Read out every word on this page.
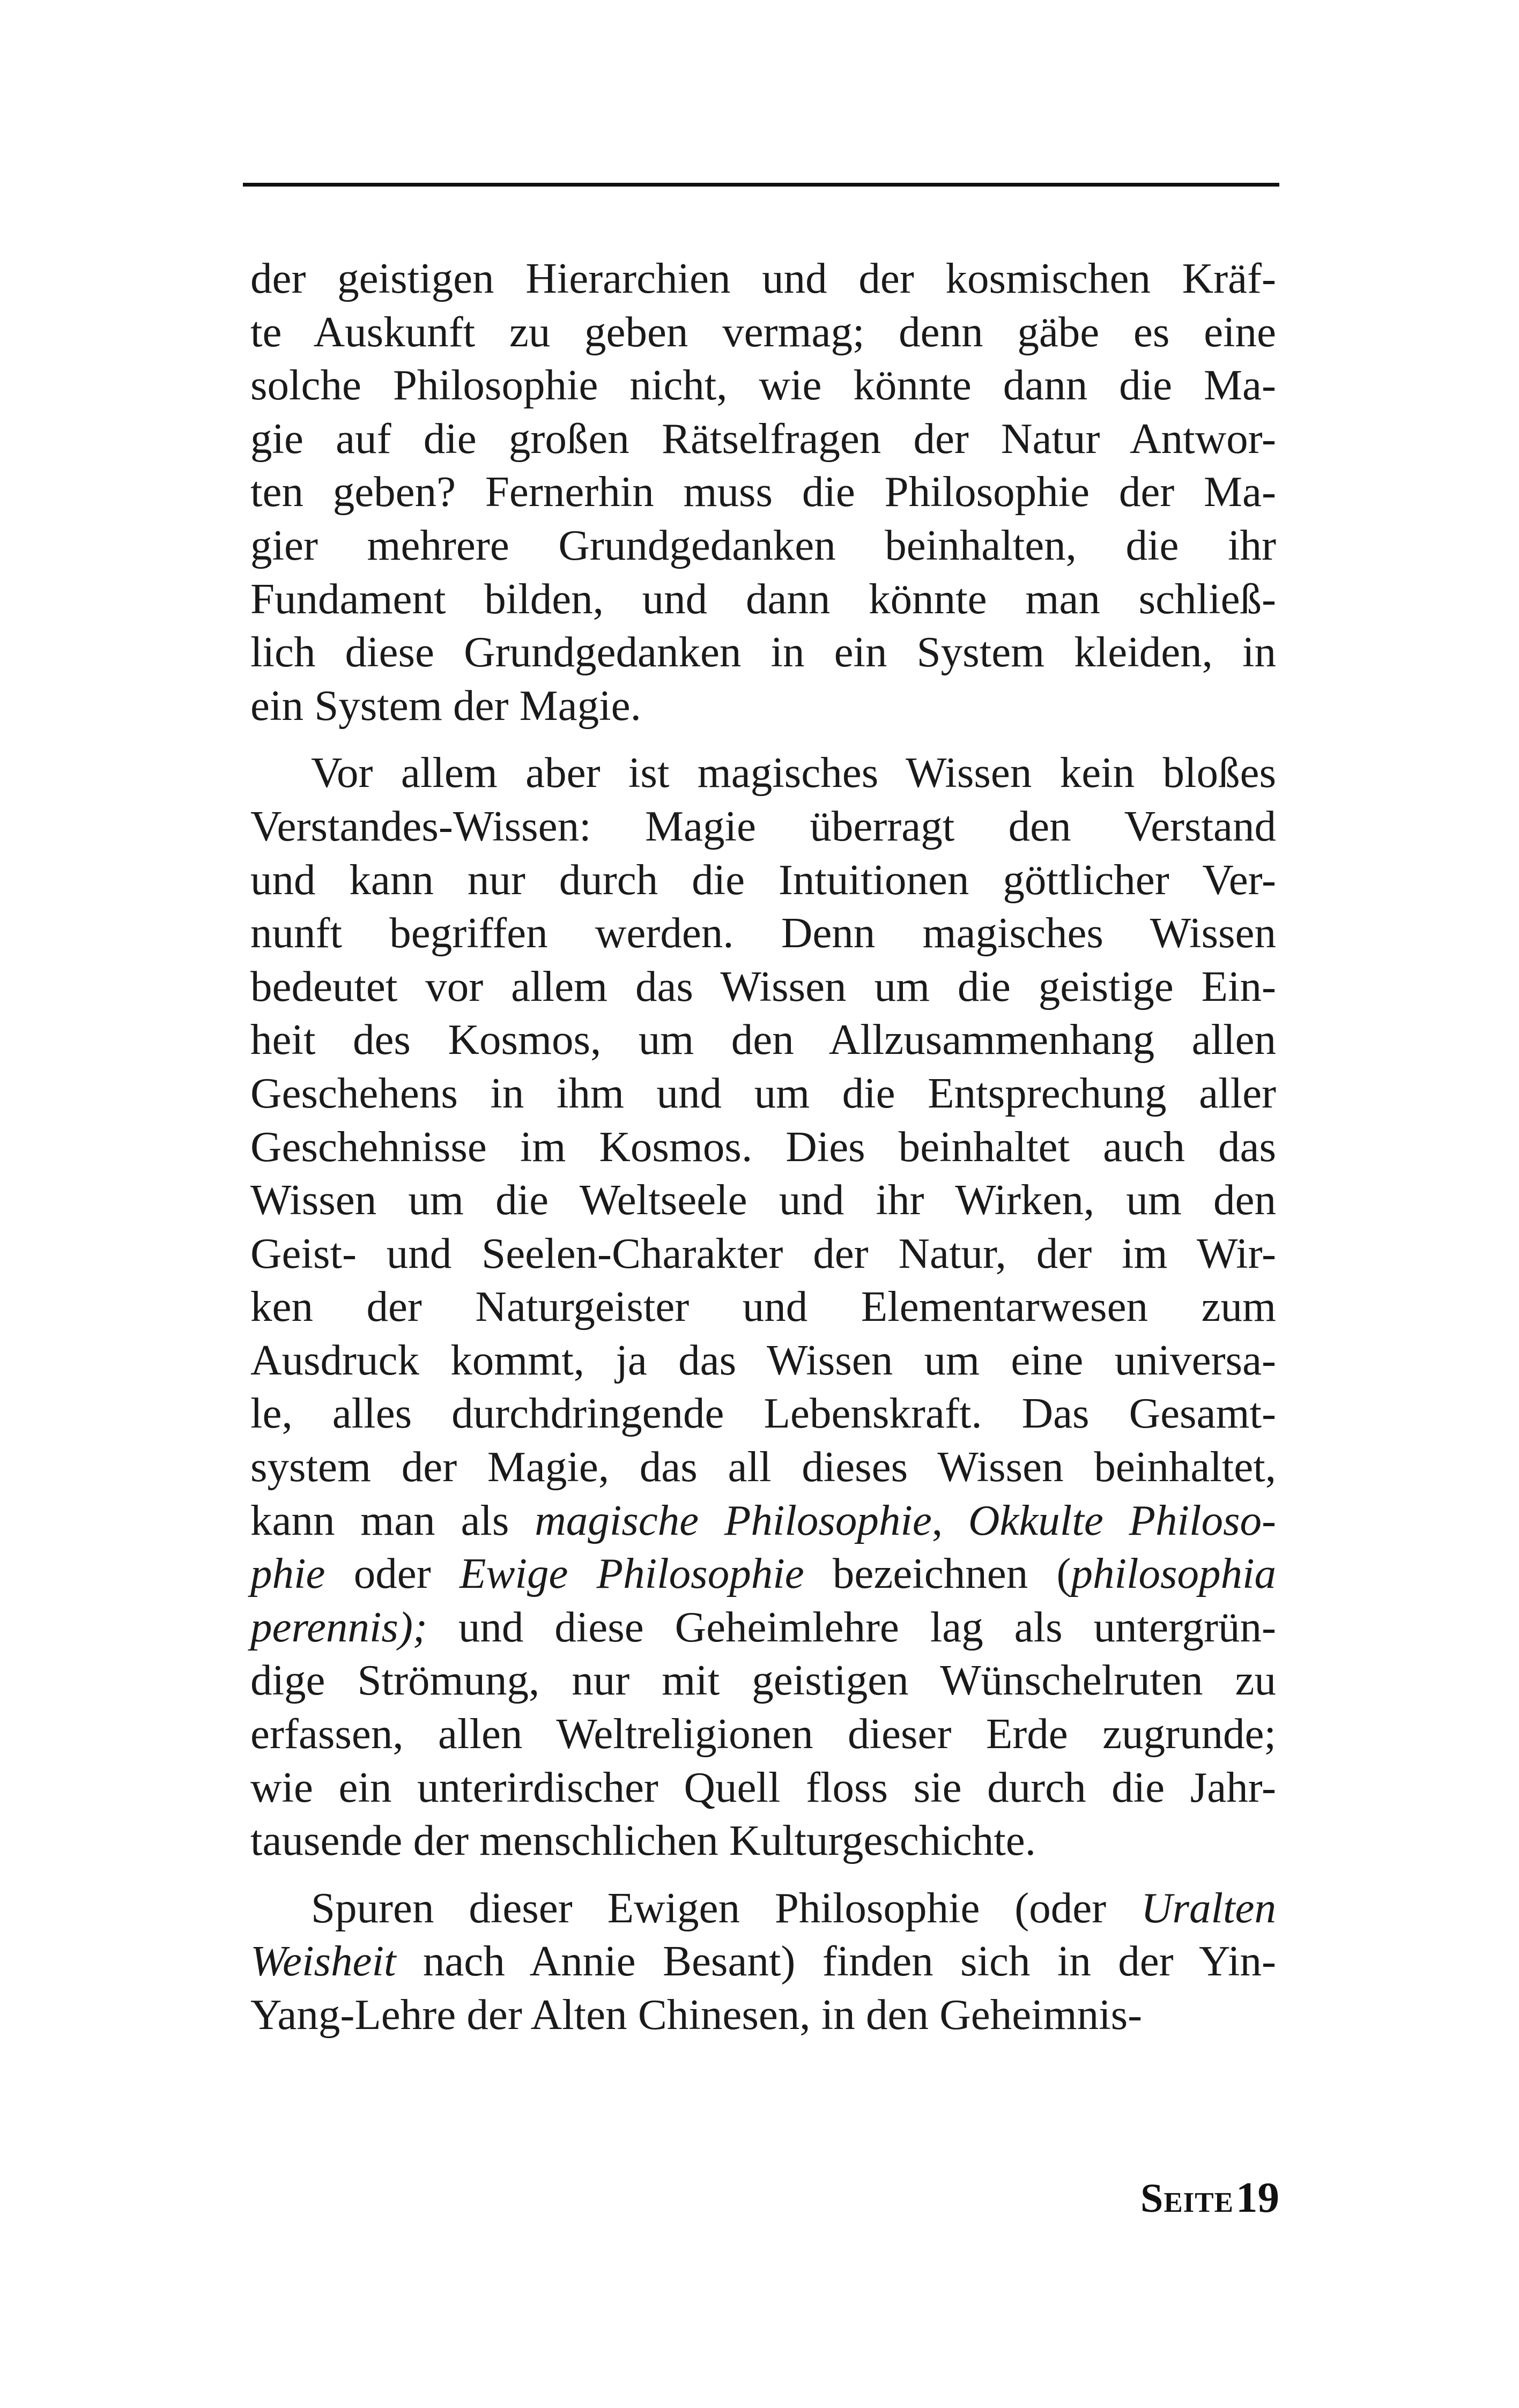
der geistigen Hierarchien und der kosmischen Kräf-
te Auskunft zu geben vermag; denn gäbe es eine
solche Philosophie nicht, wie könnte dann die Ma-
gie auf die großen Rätselfragen der Natur Antwor-
ten geben? Fernerhin muss die Philosophie der Ma-
gier mehrere Grundgedanken beinhalten, die ihr
Fundament bilden, und dann könnte man schließ-
lich diese Grundgedanken in ein System kleiden, in
ein System der Magie.
Vor allem aber ist magisches Wissen kein bloßes
Verstandes-Wissen: Magie überragt den Verstand
und kann nur durch die Intuitionen göttlicher Ver-
nunft begriffen werden. Denn magisches Wissen
bedeutet vor allem das Wissen um die geistige Ein-
heit des Kosmos, um den Allzusammenhang allen
Geschehens in ihm und um die Entsprechung aller
Geschehnisse im Kosmos. Dies beinhaltet auch das
Wissen um die Weltseele und ihr Wirken, um den
Geist- und Seelen-Charakter der Natur, der im Wir-
ken der Naturgeister und Elementarwesen zum
Ausdruck kommt, ja das Wissen um eine universa-
le, alles durchdringende Lebenskraft. Das Gesamt-
system der Magie, das all dieses Wissen beinhaltet,
kann man als magische Philosophie, Okkulte Philoso-
phie oder Ewige Philosophie bezeichnen (philosophia
perennis); und diese Geheimlehre lag als untergrün-
dige Strömung, nur mit geistigen Wünschelruten zu
erfassen, allen Weltreligionen dieser Erde zugrunde;
wie ein unterirdischer Quell floss sie durch die Jahr-
tausende der menschlichen Kulturgeschichte.
Spuren dieser Ewigen Philosophie (oder Uralten
Weisheit nach Annie Besant) finden sich in der Yin-
Yang-Lehre der Alten Chinesen, in den Geheimnis-
Seite 19
